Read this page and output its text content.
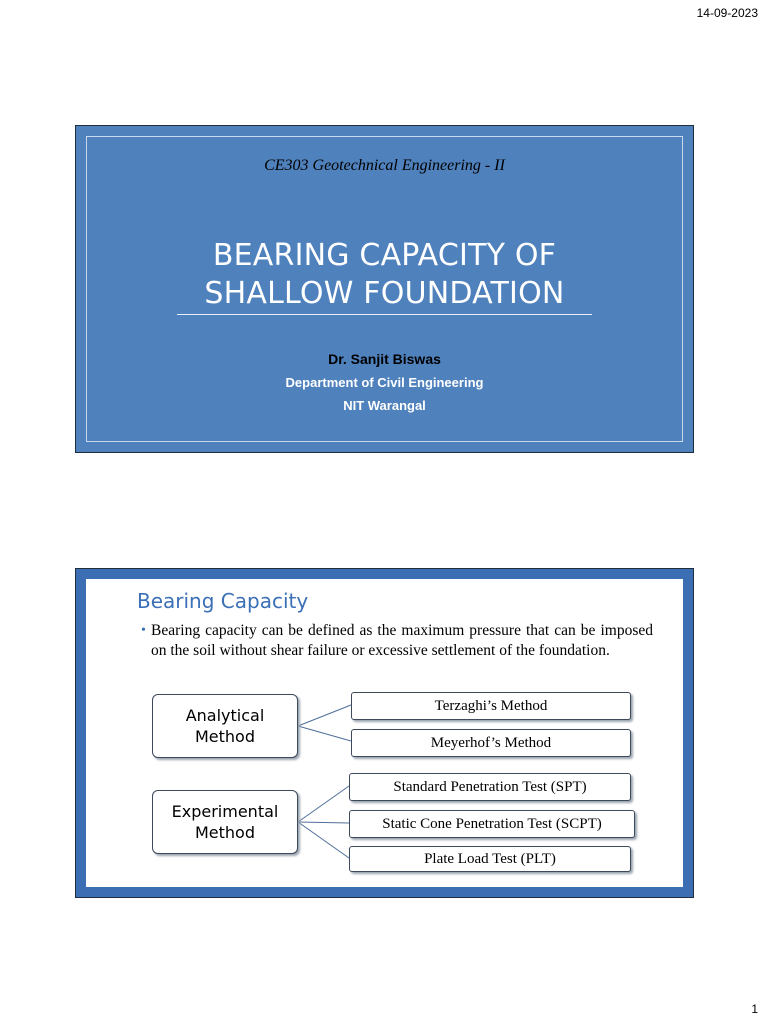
14-09-2023
CE303 Geotechnical Engineering - II
BEARING CAPACITY OF
SHALLOW FOUNDATION
Dr. Sanjit Biswas
Department of Civil Engineering
NIT Warangal
Bearing Capacity
• Bearing capacity can be defined as the maximum pressure that can be imposed on the soil without shear failure or excessive settlement of the foundation.
Analytical
Method
Terzaghi’s Method
Meyerhof’s Method
Experimental
Method
Standard Penetration Test (SPT)
Static Cone Penetration Test (SCPT)
Plate Load Test (PLT)
1
